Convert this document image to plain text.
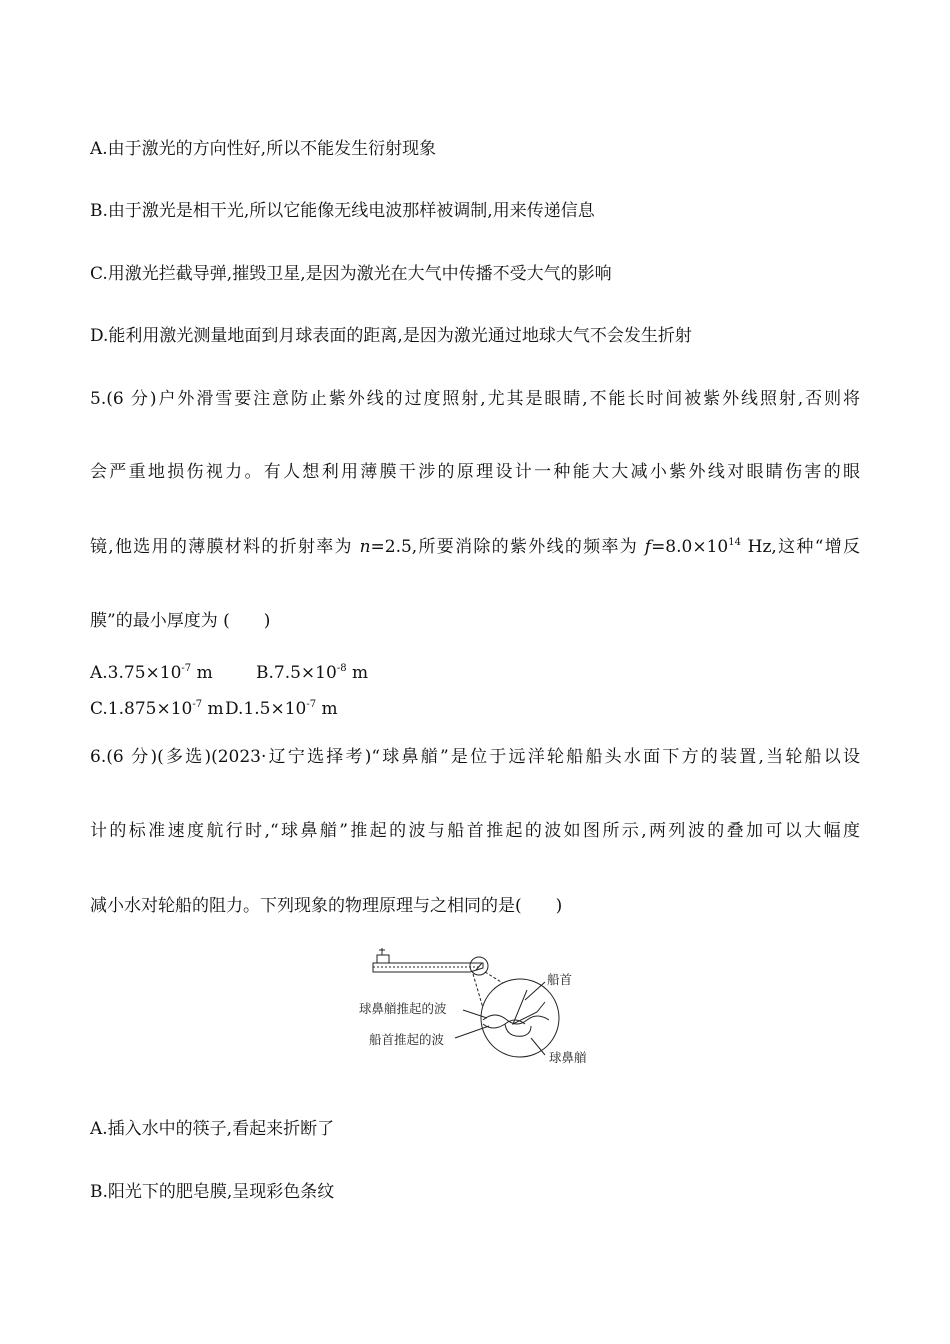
A.由于激光的方向性好,所以不能发生衍射现象
B.由于激光是相干光,所以它能像无线电波那样被调制,用来传递信息
C.用激光拦截导弹,摧毁卫星,是因为激光在大气中传播不受大气的影响
D.能利用激光测量地面到月球表面的距离,是因为激光通过地球大气不会发生折射
5.(6 分)户外滑雪要注意防止紫外线的过度照射,尤其是眼睛,不能长时间被紫外线照射,否则将
会严重地损伤视力。有人想利用薄膜干涉的原理设计一种能大大减小紫外线对眼睛伤害的眼
镜,他选用的薄膜材料的折射率为 n=2.5,所要消除的紫外线的频率为 $f=8.0\times 10^{14}$ Hz,这种“增反
膜”的最小厚度为 (　　)
$A.3.75\times 10^{-7}$ m	$B.7.5\times 10^{-8}$ m
$C.1.875\times 10^{-7}$ $mD.1.5\times 10^{-7}$ m
6.(6 分)(多选)(2023·辽宁选择考)“球鼻艏”是位于远洋轮船船头水面下方的装置,当轮船以设
计的标准速度航行时,“球鼻艏”推起的波与船首推起的波如图所示,两列波的叠加可以大幅度
减小水对轮船的阻力。下列现象的物理原理与之相同的是(　　)
船首
球鼻艏推起的波
船首推起的波
球鼻艏
A.插入水中的筷子,看起来折断了
B.阳光下的肥皂膜,呈现彩色条纹
